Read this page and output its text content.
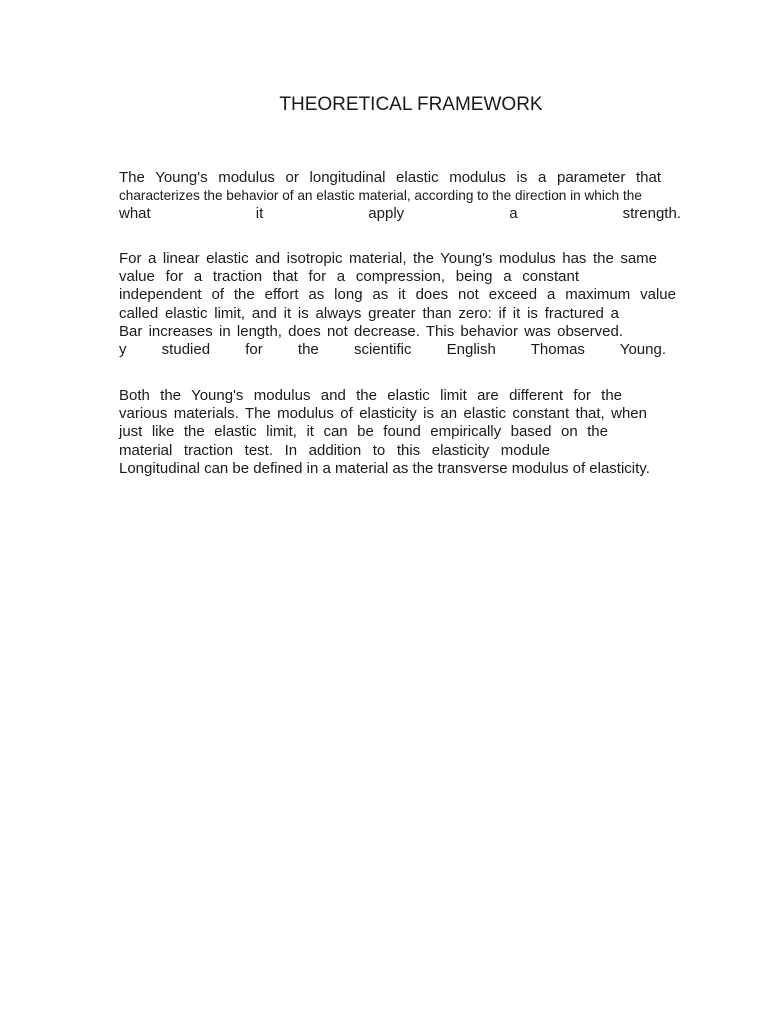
THEORETICAL FRAMEWORK
The Young's modulus or longitudinal elastic modulus is a parameter that
characterizes the behavior of an elastic material, according to the direction in which the
what it apply a strength.
For a linear elastic and isotropic material, the Young's modulus has the same
value for a traction that for a compression, being a constant
independent of the effort as long as it does not exceed a maximum value
called elastic limit, and it is always greater than zero: if it is fractured a
Bar increases in length, does not decrease. This behavior was observed.
y studied for the scientific English Thomas Young.
Both the Young's modulus and the elastic limit are different for the
various materials. The modulus of elasticity is an elastic constant that, when
just like the elastic limit, it can be found empirically based on the
material traction test. In addition to this elasticity module
Longitudinal can be defined in a material as the transverse modulus of elasticity.
